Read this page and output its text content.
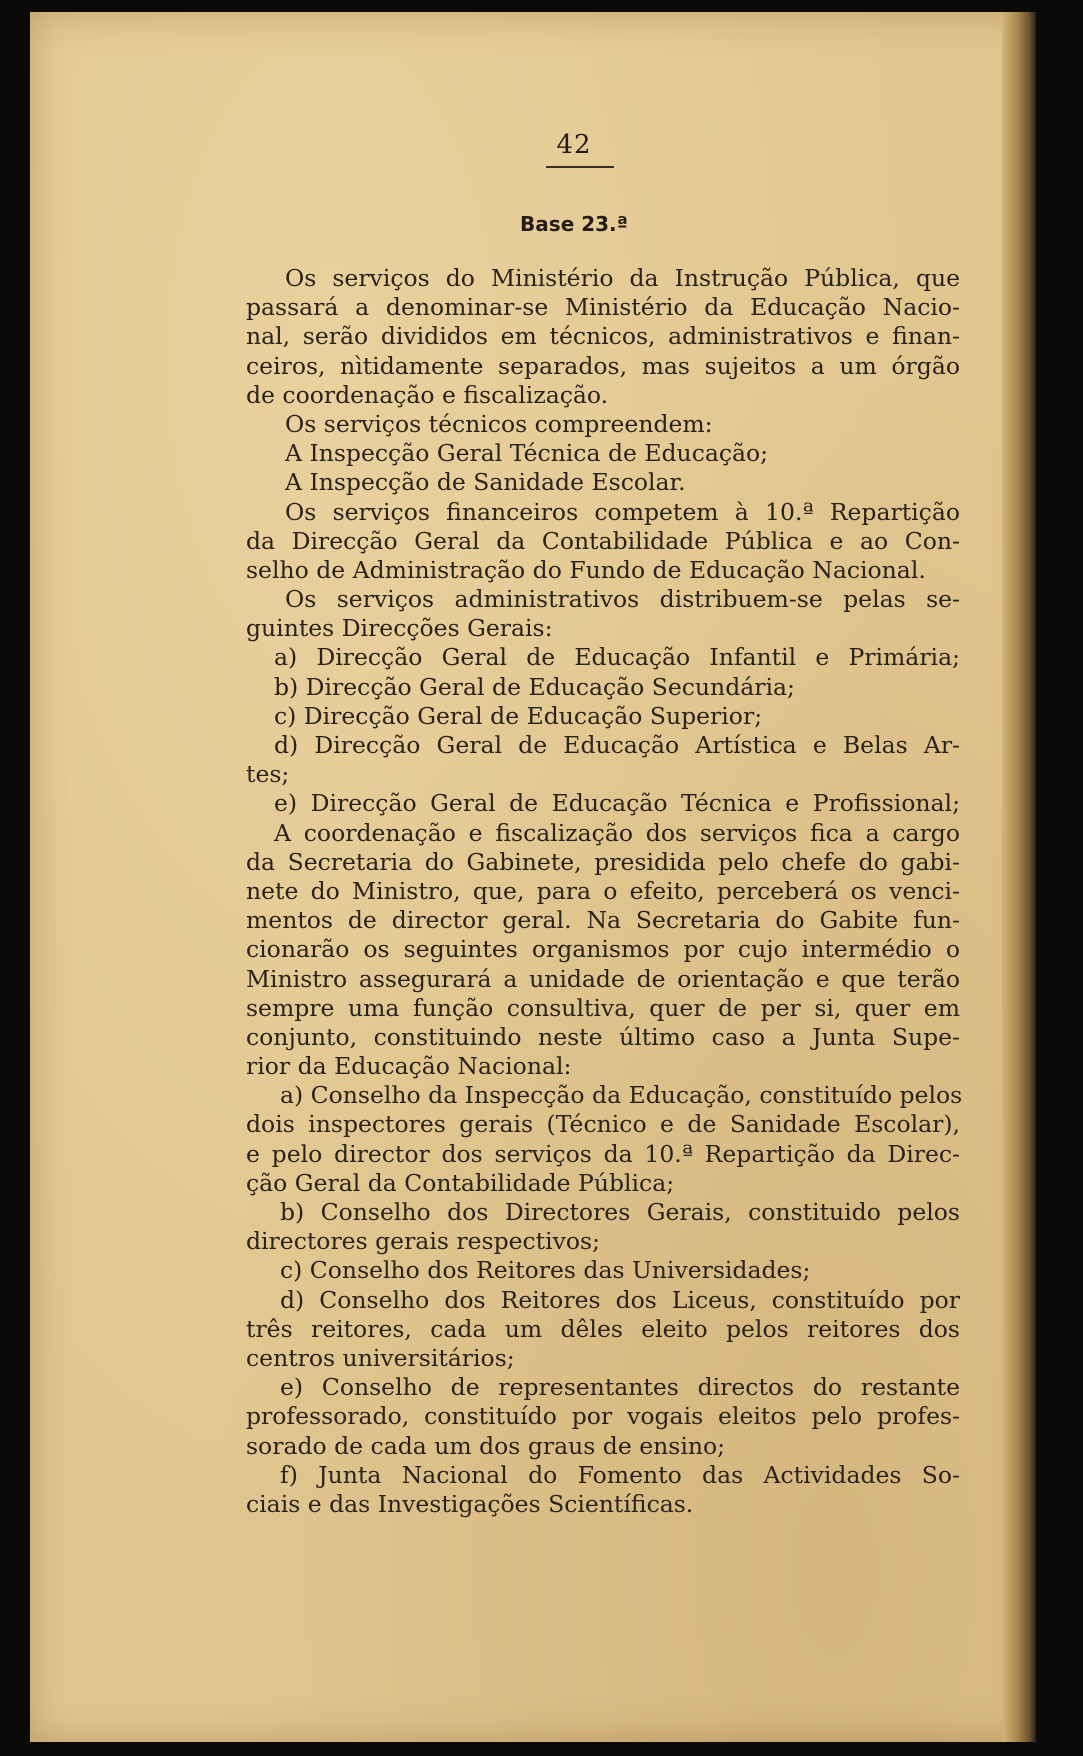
42
Base 23.ª
Os serviços do Ministério da Instrução Pública, que
passará a denominar-se Ministério da Educação Nacio-
nal, serão divididos em técnicos, administrativos e finan-
ceiros, nìtidamente separados, mas sujeitos a um órgão
de coordenação e fiscalização.
Os serviços técnicos compreendem:
A Inspecção Geral Técnica de Educação;
A Inspecção de Sanidade Escolar.
Os serviços financeiros competem à 10.ª Repartição
da Direcção Geral da Contabilidade Pública e ao Con-
selho de Administração do Fundo de Educação Nacional.
Os serviços administrativos distribuem-se pelas se-
guintes Direcções Gerais:
a) Direcção Geral de Educação Infantil e Primária;
b) Direcção Geral de Educação Secundária;
c) Direcção Geral de Educação Superior;
d) Direcção Geral de Educação Artística e Belas Ar-
tes;
e) Direcção Geral de Educação Técnica e Profissional;
A coordenação e fiscalização dos serviços fica a cargo
da Secretaria do Gabinete, presidida pelo chefe do gabi-
nete do Ministro, que, para o efeito, perceberá os venci-
mentos de director geral. Na Secretaria do Gabite fun-
cionarão os seguintes organismos por cujo intermédio o
Ministro assegurará a unidade de orientação e que terão
sempre uma função consultiva, quer de per si, quer em
conjunto, constituindo neste último caso a Junta Supe-
rior da Educação Nacional:
a) Conselho da Inspecção da Educação, constituído pelos
dois inspectores gerais (Técnico e de Sanidade Escolar),
e pelo director dos serviços da 10.ª Repartição da Direc-
ção Geral da Contabilidade Pública;
b) Conselho dos Directores Gerais, constituido pelos
directores gerais respectivos;
c) Conselho dos Reitores das Universidades;
d) Conselho dos Reitores dos Liceus, constituído por
três reitores, cada um dêles eleito pelos reitores dos
centros universitários;
e) Conselho de representantes directos do restante
professorado, constituído por vogais eleitos pelo profes-
sorado de cada um dos graus de ensino;
f) Junta Nacional do Fomento das Actividades So-
ciais e das Investigações Scientíficas.
